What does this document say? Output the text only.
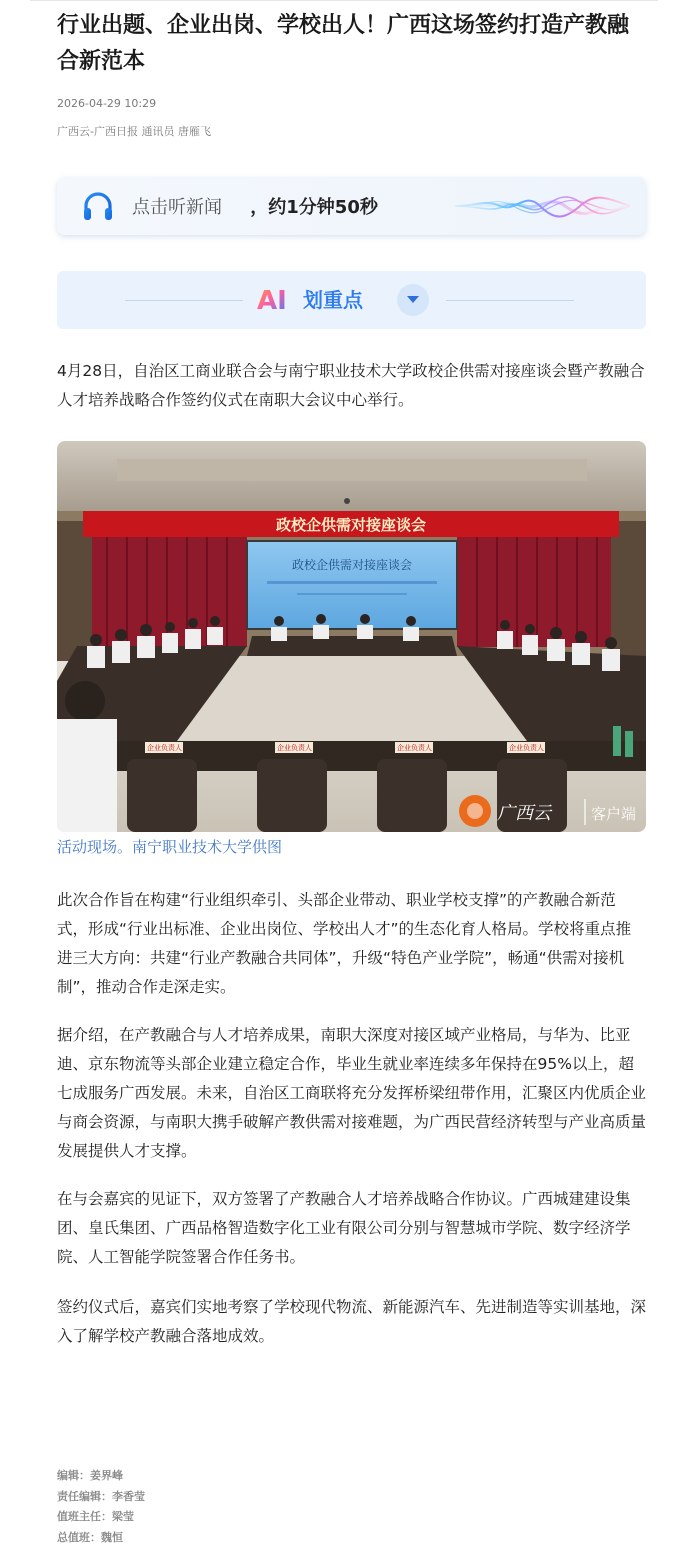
行业出题、企业出岗、学校出人！广西这场签约打造产教融合新范本
2026-04-29 10:29
广西云-广西日报 通讯员 唐雁飞
点击听新闻 ，约1分钟50秒
AI 划重点
4月28日，自治区工商业联合会与南宁职业技术大学政校企供需对接座谈会暨产教融合人才培养战略合作签约仪式在南职大会议中心举行。
政校企供需对接座谈会
政校企供需对接座谈会
企业负责人	企业负责人	企业负责人	企业负责人
广西云	客户端
活动现场。南宁职业技术大学供图
此次合作旨在构建“行业组织牵引、头部企业带动、职业学校支撑”的产教融合新范式，形成“行业出标准、企业出岗位、学校出人才”的生态化育人格局。学校将重点推进三大方向：共建“行业产教融合共同体”，升级“特色产业学院”，畅通“供需对接机制”，推动合作走深走实。
据介绍，在产教融合与人才培养成果，南职大深度对接区域产业格局，与华为、比亚迪、京东物流等头部企业建立稳定合作，毕业生就业率连续多年保持在95%以上，超七成服务广西发展。未来，自治区工商联将充分发挥桥梁纽带作用，汇聚区内优质企业与商会资源，与南职大携手破解产教供需对接难题，为广西民营经济转型与产业高质量发展提供人才支撑。
在与会嘉宾的见证下，双方签署了产教融合人才培养战略合作协议。广西城建建设集团、皇氏集团、广西品格智造数字化工业有限公司分别与智慧城市学院、数字经济学院、人工智能学院签署合作任务书。
签约仪式后，嘉宾们实地考察了学校现代物流、新能源汽车、先进制造等实训基地，深入了解学校产教融合落地成效。
编辑：姜界峰
责任编辑：李香莹
值班主任：梁莹
总值班：魏恒
